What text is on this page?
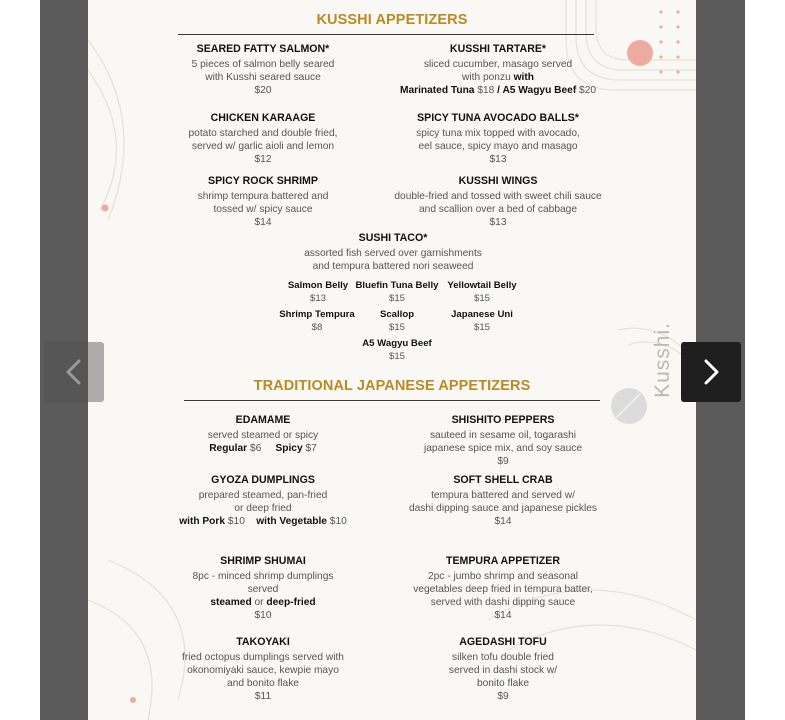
Kusshi.
KUSSHI APPETIZERS
SEARED FATTY SALMON*
5 pieces of salmon belly seared
with Kusshi seared sauce
$20
KUSSHI TARTARE*
sliced cucumber, masago served
with ponzu with
Marinated Tuna $18 / A5 Wagyu Beef $20
CHICKEN KARAAGE
potato starched and double fried,
served w/ garlic aioli and lemon
$12
SPICY TUNA AVOCADO BALLS*
spicy tuna mix topped with avocado,
eel sauce, spicy mayo and masago
$13
SPICY ROCK SHRIMP
shrimp tempura battered and
tossed w/ spicy sauce
$14
KUSSHI WINGS
double-fried and tossed with sweet chili sauce
and scallion over a bed of cabbage
$13
SUSHI TACO*
assorted fish served over garnishments
and tempura battered nori seaweed
Salmon Belly
$13
Bluefin Tuna Belly
$15
Yellowtail Belly
$15
Shrimp Tempura
$8
Scallop
$15
Japanese Uni
$15
A5 Wagyu Beef
$15
TRADITIONAL JAPANESE APPETIZERS
EDAMAME
served steamed or spicy
Regular $6 Spicy $7
SHISHITO PEPPERS
sauteed in sesame oil, togarashi
japanese spice mix, and soy sauce
$9
GYOZA DUMPLINGS
prepared steamed, pan-fried
or deep fried
with Pork $10 with Vegetable $10
SOFT SHELL CRAB
tempura battered and served w/
dashi dipping sauce and japanese pickles
$14
SHRIMP SHUMAI
8pc - minced shrimp dumplings
served
steamed or deep-fried
$10
TEMPURA APPETIZER
2pc - jumbo shrimp and seasonal
vegetables deep fried in tempura batter,
served with dashi dipping sauce
$14
TAKOYAKI
fried octopus dumplings served with
okonomiyaki sauce, kewpie mayo
and bonito flake
$11
AGEDASHI TOFU
silken tofu double fried
served in dashi stock w/
bonito flake
$9
